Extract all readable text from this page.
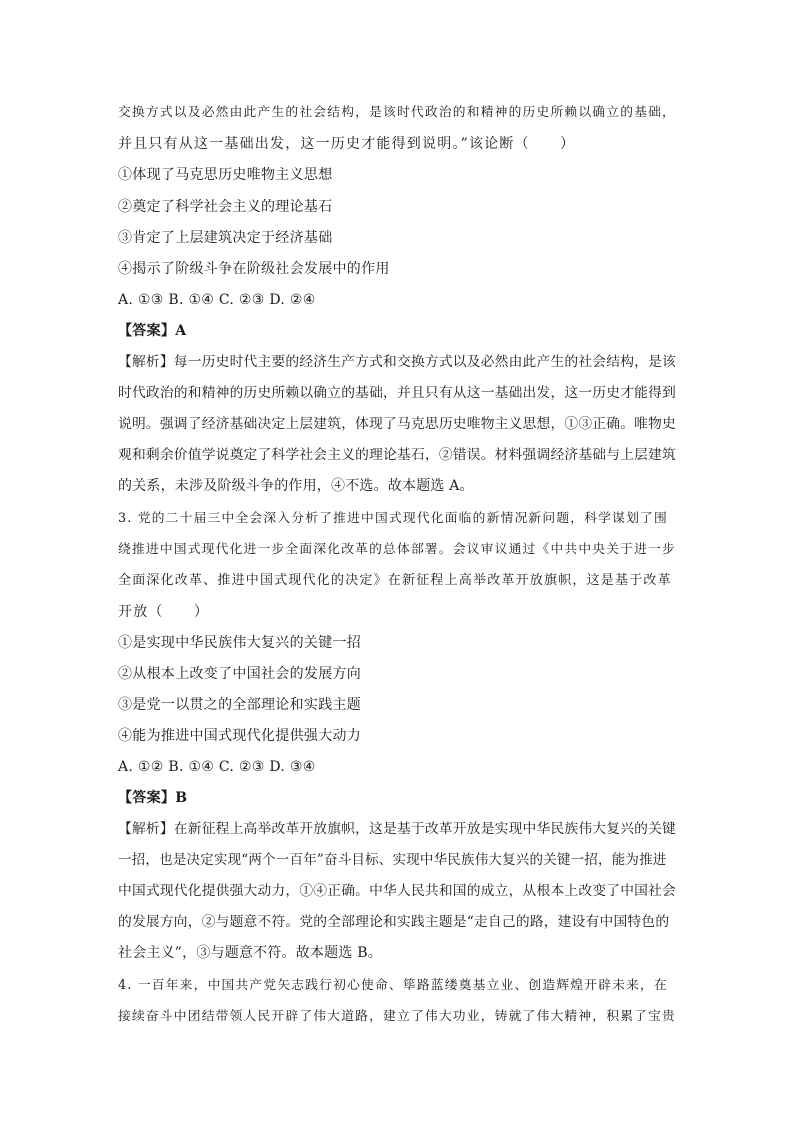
交换方式以及必然由此产生的社会结构，是该时代政治的和精神的历史所赖以确立的基础，
并且只有从这一基础出发，这一历史才能得到说明。”该论断（　　）
①体现了马克思历史唯物主义思想
②奠定了科学社会主义的理论基石
③肯定了上层建筑决定于经济基础
④揭示了阶级斗争在阶级社会发展中的作用
A. ①③ B. ①④ C. ②③ D. ②④
【答案】A
【解析】每一历史时代主要的经济生产方式和交换方式以及必然由此产生的社会结构，是该
时代政治的和精神的历史所赖以确立的基础，并且只有从这一基础出发，这一历史才能得到
说明。强调了经济基础决定上层建筑，体现了马克思历史唯物主义思想，①③正确。唯物史
观和剩余价值学说奠定了科学社会主义的理论基石，②错误。材料强调经济基础与上层建筑
的关系，未涉及阶级斗争的作用，④不选。故本题选 A。
3. 党的二十届三中全会深入分析了推进中国式现代化面临的新情况新问题，科学谋划了围
绕推进中国式现代化进一步全面深化改革的总体部署。会议审议通过《中共中央关于进一步
全面深化改革、推进中国式现代化的决定》在新征程上高举改革开放旗帜，这是基于改革
开放（　　）
①是实现中华民族伟大复兴的关键一招
②从根本上改变了中国社会的发展方向
③是党一以贯之的全部理论和实践主题
④能为推进中国式现代化提供强大动力
A. ①② B. ①④ C. ②③ D. ③④
【答案】B
【解析】在新征程上高举改革开放旗帜，这是基于改革开放是实现中华民族伟大复兴的关键
一招，也是决定实现“两个一百年”奋斗目标、实现中华民族伟大复兴的关键一招，能为推进
中国式现代化提供强大动力，①④正确。中华人民共和国的成立，从根本上改变了中国社会
的发展方向，②与题意不符。党的全部理论和实践主题是“走自己的路，建设有中国特色的
社会主义”，③与题意不符。故本题选 B。
4. 一百年来，中国共产党矢志践行初心使命、筚路蓝缕奠基立业、创造辉煌开辟未来，在
接续奋斗中团结带领人民开辟了伟大道路，建立了伟大功业，铸就了伟大精神，积累了宝贵
